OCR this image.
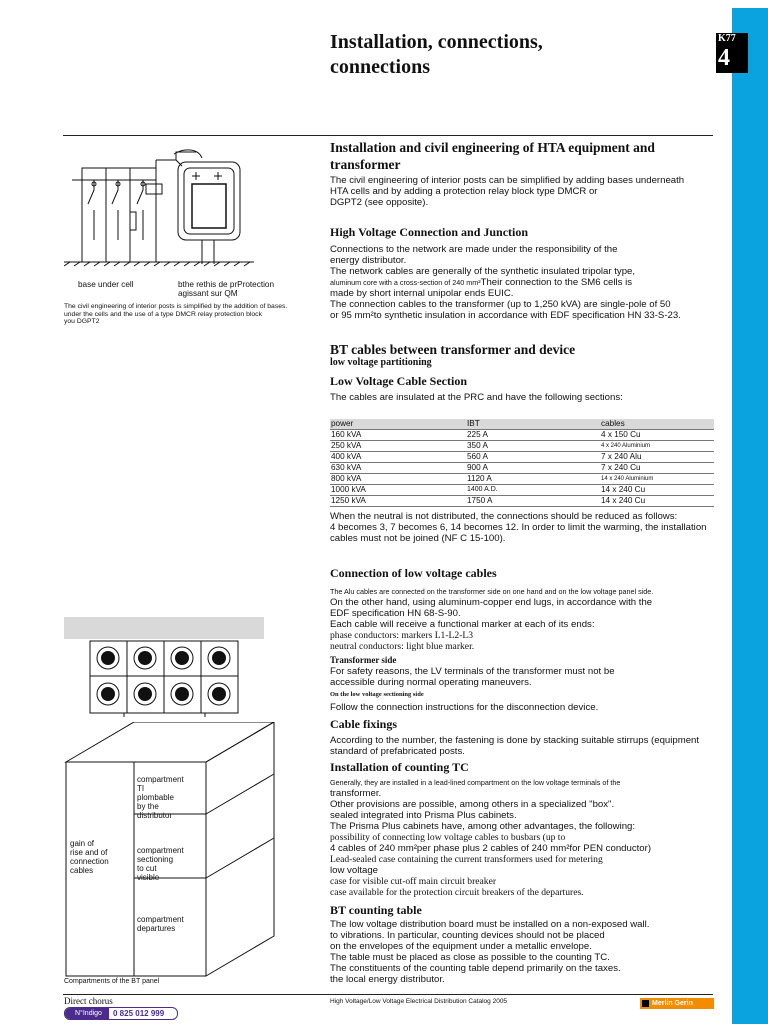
K77
4
Installation, connections,
connections
Installation and civil engineering of HTA equipment and transformer
The civil engineering of interior posts can be simplified by adding bases underneath
HTA cells and by adding a protection relay block type DMCR or
DGPT2 (see opposite).
High Voltage Connection and Junction
Connections to the network are made under the responsibility of the
energy distributor.
The network cables are generally of the synthetic insulated tripolar type,
aluminum core with a cross-section of 240 mm²Their connection to the SM6 cells is
made by short internal unipolar ends EUIC.
The connection cables to the transformer (up to 1,250 kVA) are single-pole of 50
or 95 mm²to synthetic insulation in accordance with EDF specification HN 33-S-23.
BT cables between transformer and device
low voltage partitioning
Low Voltage Cable Section
The cables are insulated at the PRC and have the following sections:
power	IBT	cables
160 kVA	225 A	4 x 150 Cu
250 kVA	350 A	4 x 240 Aluminium
400 kVA	560 A	7 x 240 Alu
630 kVA	900 A	7 x 240 Cu
800 kVA	1120 A	14 x 240 Aluminium
1000 kVA	1400 A.D.	14 x 240 Cu
1250 kVA	1750 A	14 x 240 Cu
When the neutral is not distributed, the connections should be reduced as follows:
4 becomes 3, 7 becomes 6, 14 becomes 12. In order to limit the warming, the installation
cables must not be joined (NF C 15-100).
Connection of low voltage cables
The Alu cables are connected on the transformer side on one hand and on the low voltage panel side.
On the other hand, using aluminum-copper end lugs, in accordance with the
EDF specification HN 68-S-90.
Each cable will receive a functional marker at each of its ends:
phase conductors: markers L1-L2-L3
neutral conductors: light blue marker.
Transformer side
For safety reasons, the LV terminals of the transformer must not be
accessible during normal operating maneuvers.
On the low voltage sectioning side
Follow the connection instructions for the disconnection device.
Cable fixings
According to the number, the fastening is done by stacking suitable stirrups (equipment
standard of prefabricated posts.
Installation of counting TC
Generally, they are installed in a lead-lined compartment on the low voltage terminals of the
transformer.
Other provisions are possible, among others in a specialized "box".
sealed integrated into Prisma Plus cabinets.
The Prisma Plus cabinets have, among other advantages, the following:
possibility of connecting low voltage cables to busbars (up to
4 cables of 240 mm²per phase plus 2 cables of 240 mm²for PEN conductor)
Lead-sealed case containing the current transformers used for metering
low voltage
case for visible cut-off main circuit breaker
case available for the protection circuit breakers of the departures.
BT counting table
The low voltage distribution board must be installed on a non-exposed wall.
to vibrations. In particular, counting devices should not be placed
on the envelopes of the equipment under a metallic envelope.
The table must be placed as close as possible to the counting TC.
The constituents of the counting table depend primarily on the taxes.
the local energy distributor.
base under cell	bthe rethis de prProtection
agissant sur QM
The civil engineering of interior posts is simplified by the addition of bases.
under the cells and the use of a type DMCR relay protection block
you DGPT2
gain of
rise and of
connection
cables
compartment
TI
plombable
by the
distributor
compartment
sectioning
to cut
visible
compartment
departures
Compartments of the BT panel
Direct chorus
N°Indigo	0 825 012 999
High Voltage/Low Voltage Electrical Distribution Catalog 2005	Merlin Gerin
